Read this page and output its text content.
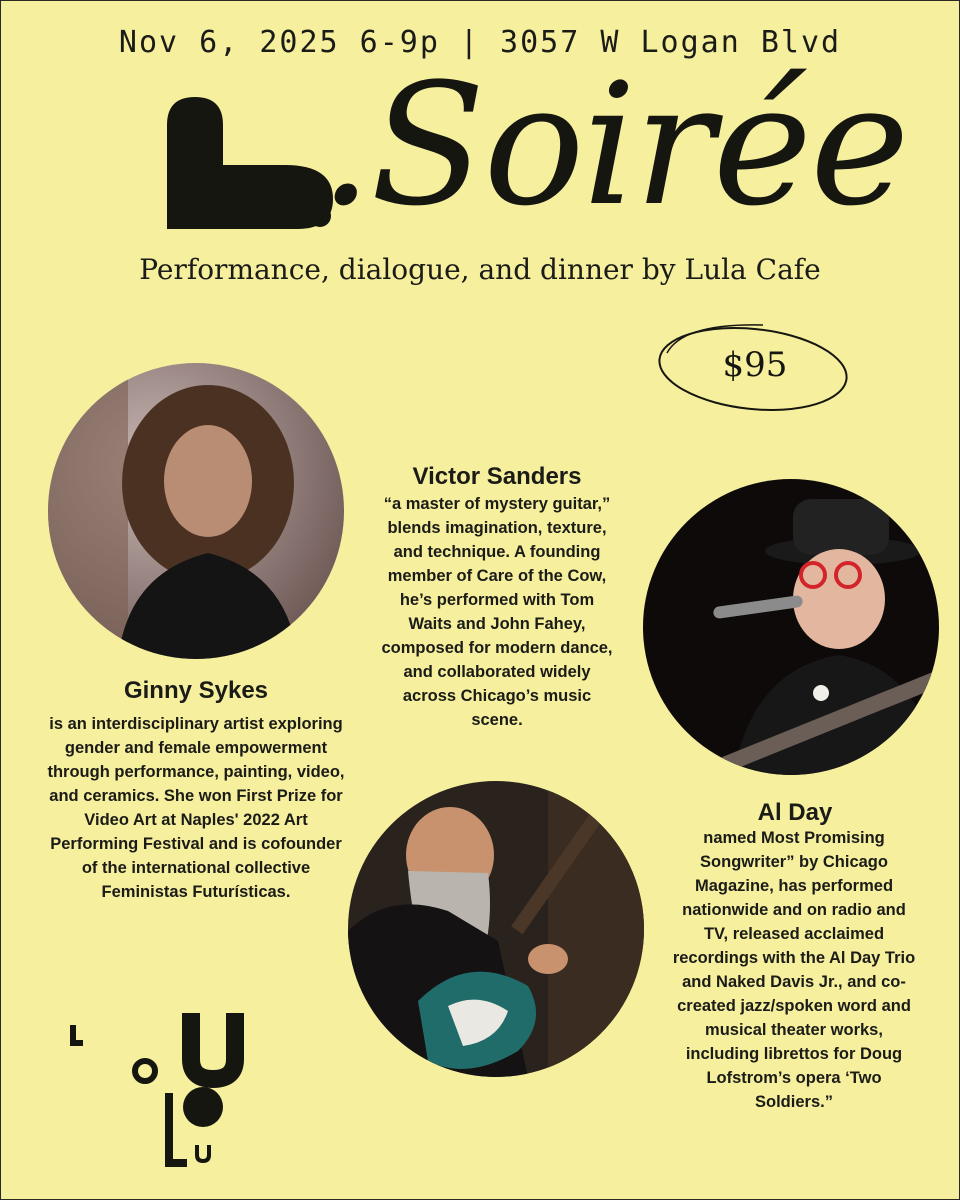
Nov 6, 2025 6-9p | 3057 W Logan Blvd
.Soirée
Performance, dialogue, and dinner by Lula Cafe
$95
Ginny Sykes
is an interdisciplinary artist exploring gender and female empowerment through performance, painting, video, and ceramics. She won First Prize for Video Art at Naples' 2022 Art Performing Festival and is cofounder of the international collective Feministas Futurísticas.
Victor Sanders
“a master of mystery guitar,” blends imagination, texture, and technique. A founding member of Care of the Cow, he’s performed with Tom Waits and John Fahey, composed for modern dance, and collaborated widely across Chicago’s music scene.
Al Day
named Most Promising Songwriter” by Chicago Magazine, has performed nationwide and on radio and TV, released acclaimed recordings with the Al Day Trio and Naked Davis Jr., and co-created jazz/spoken word and musical theater works, including librettos for Doug Lofstrom’s opera ‘Two Soldiers.”
